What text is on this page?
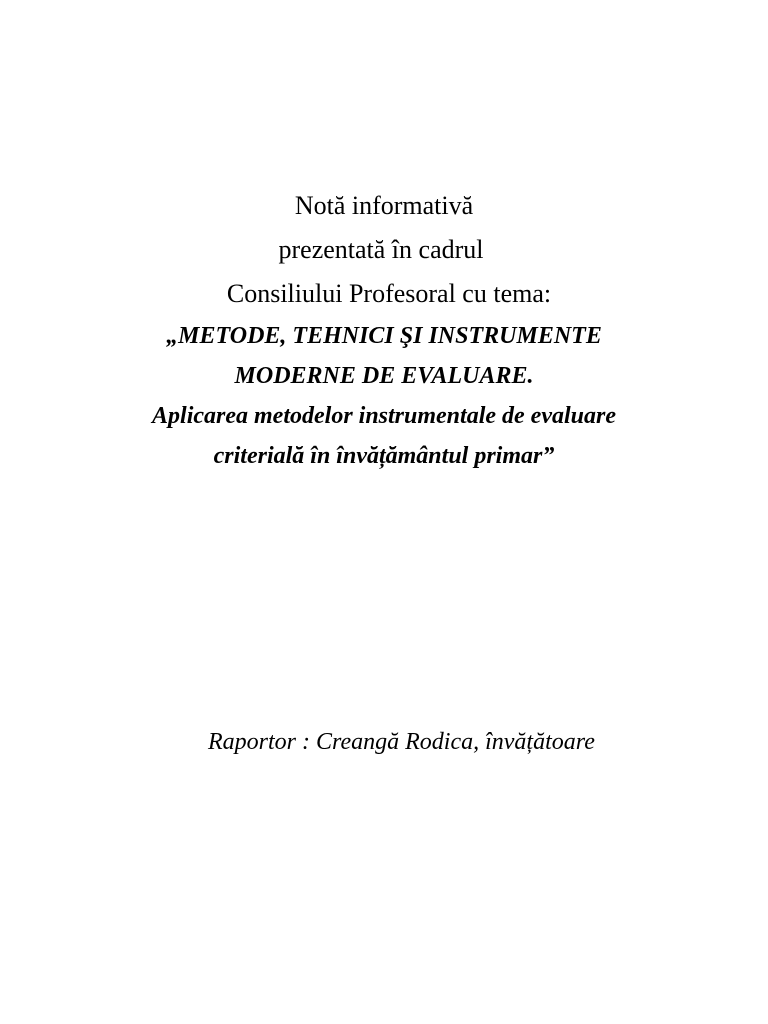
Notă informativă
prezentată în cadrul
Consiliului Profesoral cu tema:
„METODE, TEHNICI ŞI INSTRUMENTE
MODERNE DE EVALUARE.
Aplicarea metodelor instrumentale de evaluare
criterială în învățământul primar”
Raportor : Creangă Rodica, învățătoare
